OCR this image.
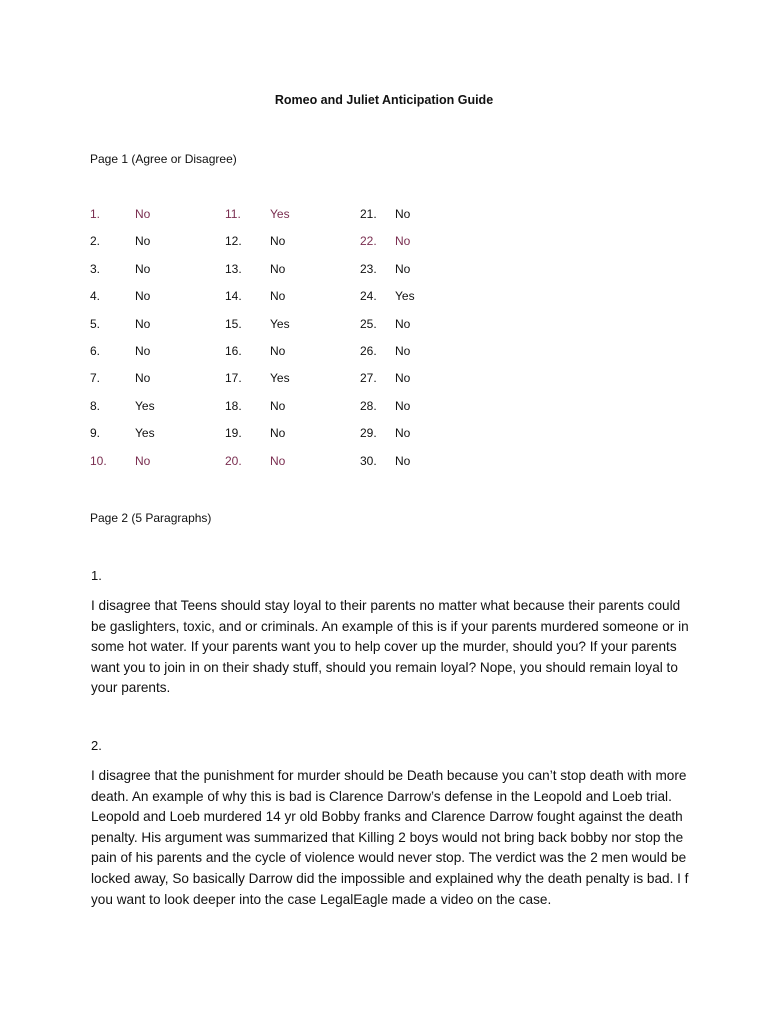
Romeo and Juliet Anticipation Guide
Page 1 (Agree or Disagree)
1.	No
2.	No
3.	No
4.	No
5.	No
6.	No
7.	No
8.	Yes
9.	Yes
10. No
11. Yes
12. No
13. No
14. No
15. Yes
16. No
17. Yes
18. No
19. No
20. No
21. No
22. No
23. No
24. Yes
25. No
26. No
27. No
28. No
29. No
30. No
Page 2 (5 Paragraphs)
1.

I disagree that Teens should stay loyal to their parents no matter what because their parents could be gaslighters, toxic, and or criminals. An example of this is if your parents murdered someone or in some hot water. If your parents want you to help cover up the murder, should you? If your parents want you to join in on their shady stuff, should you remain loyal? Nope, you should remain loyal to your parents.

2.

I disagree that the punishment for murder should be Death because you can’t stop death with more death. An example of why this is bad is Clarence Darrow’s defense in the Leopold and Loeb trial. Leopold and Loeb murdered 14 yr old Bobby franks and Clarence Darrow fought against the death penalty. His argument was summarized that Killing 2 boys would not bring back bobby nor stop the pain of his parents and the cycle of violence would never stop. The verdict was the 2 men would be locked away, So basically Darrow did the impossible and explained why the death penalty is bad. I f you want to look deeper into the case LegalEagle made a video on the case.
